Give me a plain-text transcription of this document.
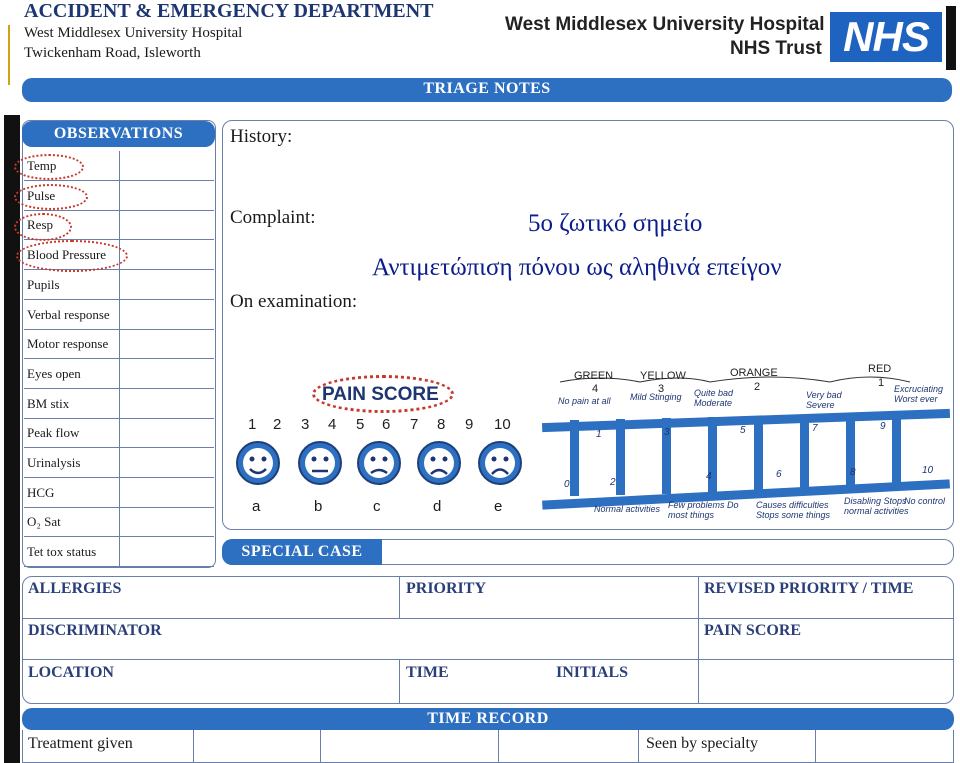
ACCIDENT & EMERGENCY DEPARTMENT
West Middlesex University Hospital
Twickenham Road, Isleworth
West Middlesex University Hospital
NHS Trust NHS
TRIAGE NOTES
OBSERVATIONS
Temp
Pulse
Resp
Blood Pressure
Pupils
Verbal response
Motor response
Eyes open
BM stix
Peak flow
Urinalysis
HCG
O₂ Sat
Tet tox status
History:
Complaint:
On examination:
5ο ζωτικό σημείο
Αντιμετώπιση πόνου ως αληθινά επείγον
PAIN SCORE
1 2 3 4 5 6 7 8 9 10
a	b	c	d	e
GREEN
4
YELLOW
3
ORANGE
2
RED
1
No pain at all	Mild Stinging	Quite bad Moderate
Very bad Severe
Excruciating Worst ever
Normal activities Few problems Do most things
Causes difficulties Stops some things
Disabling Stops normal activities
No control
0
1
2
3
4
5
6
7
8
9
10
SPECIAL CASE
ALLERGIES	PRIORITY	REVISED PRIORITY / TIME
DISCRIMINATOR	PAIN SCORE
LOCATION	TIME	INITIALS
TIME RECORD
Treatment given	Seen by specialty
